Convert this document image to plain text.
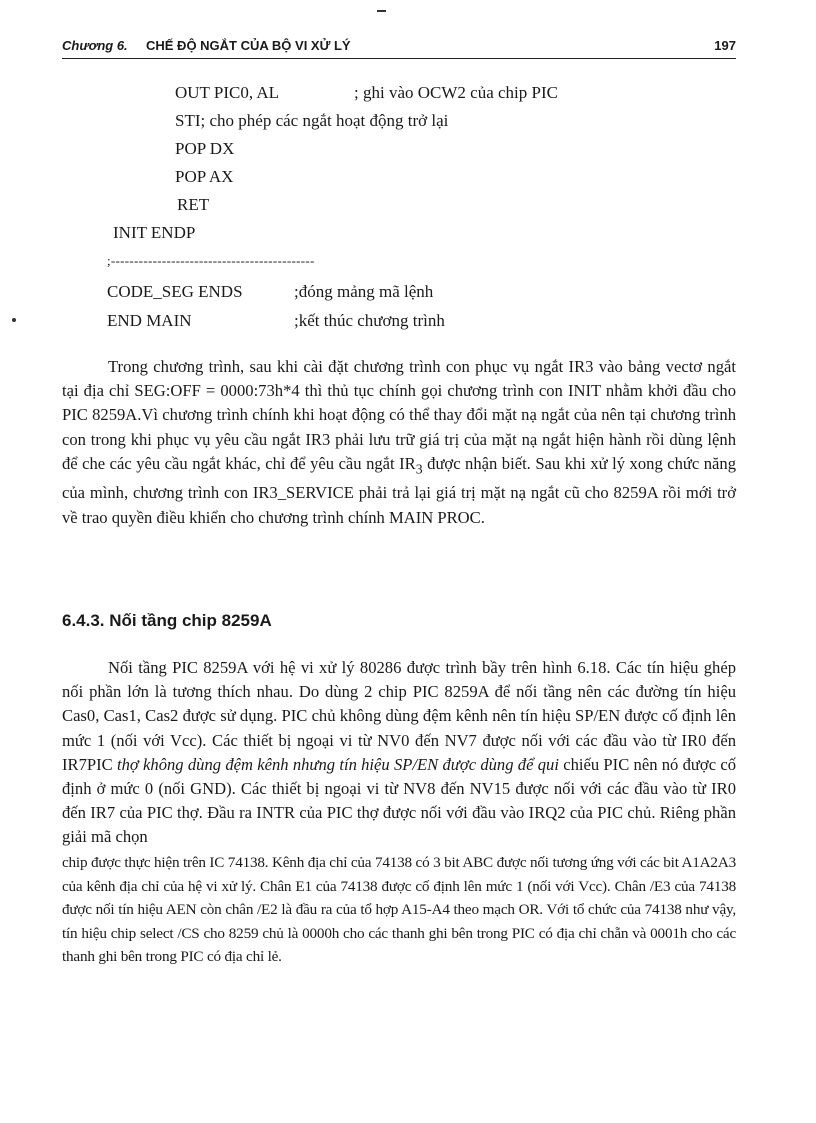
Chương 6. CHẾ ĐỘ NGẮT CỦA BỘ VI XỬ LÝ	197
OUT PIC0, AL	; ghi vào OCW2 của chip PIC
STI; cho phép các ngắt hoạt động trở lại
POP DX
POP AX
RET
INIT ENDP
;--------------------------------------------
CODE_SEG ENDS	;đóng mảng mã lệnh
END MAIN	;kết thúc chương trình

Trong chương trình, sau khi cài đặt chương trình con phục vụ ngắt IR3 vào bảng vectơ ngắt tại địa chỉ SEG:OFF = 0000:73h*4 thì thủ tục chính gọi chương trình con INIT nhằm khởi đầu cho PIC 8259A.Vì chương trình chính khi hoạt động có thể thay đổi mặt nạ ngắt của nên tại chương trình con trong khi phục vụ yêu cầu ngắt IR3 phải lưu trữ giá trị của mặt nạ ngắt hiện hành rồi dùng lệnh để che các yêu cầu ngắt khác, chỉ để yêu cầu ngắt $IR_3$ được nhận biết. Sau khi xử lý xong chức năng của mình, chương trình con IR3_SERVICE phải trả lại giá trị mặt nạ ngắt cũ cho 8259A rồi mới trở về trao quyền điều khiển cho chương trình chính MAIN PROC.

6.4.3. Nối tầng chip 8259A

Nối tầng PIC 8259A với hệ vi xử lý 80286 được trình bầy trên hình 6.18. Các tín hiệu ghép nối phần lớn là tương thích nhau. Do dùng 2 chip PIC 8259A để nối tầng nên các đường tín hiệu Cas0, Cas1, Cas2 được sử dụng. PIC chủ không dùng đệm kênh nên tín hiệu SP/EN được cố định lên mức 1 (nối với Vcc). Các thiết bị ngoại vi từ NV0 đến NV7 được nối với các đầu vào từ IR0 đến IR7PIC thợ không dùng đệm kênh nhưng tín hiệu SP/EN được dùng để qui chiếu PIC nên nó được cố định ở mức 0 (nối GND). Các thiết bị ngoại vi từ NV8 đến NV15 được nối với các đầu vào từ IR0 đến IR7 của PIC thợ. Đầu ra INTR của PIC thợ được nối với đầu vào IRQ2 của PIC chủ. Riêng phần giải mã chọn

chip được thực hiện trên IC 74138. Kênh địa chỉ của 74138 có 3 bit ABC được nối tương ứng với các bit A1A2A3 của kênh địa chỉ của hệ vi xử lý. Chân E1 của 74138 được cố định lên mức 1 (nối với Vcc). Chân /E3 của 74138 được nối tín hiệu AEN còn chân /E2 là đầu ra của tổ hợp A15-A4 theo mạch OR. Với tổ chức của 74138 như vậy, tín hiệu chip select /CS cho 8259 chủ là 0000h cho các thanh ghi bên trong PIC có địa chỉ chẵn và 0001h cho các thanh ghi bên trong PIC có địa chỉ lẻ.
